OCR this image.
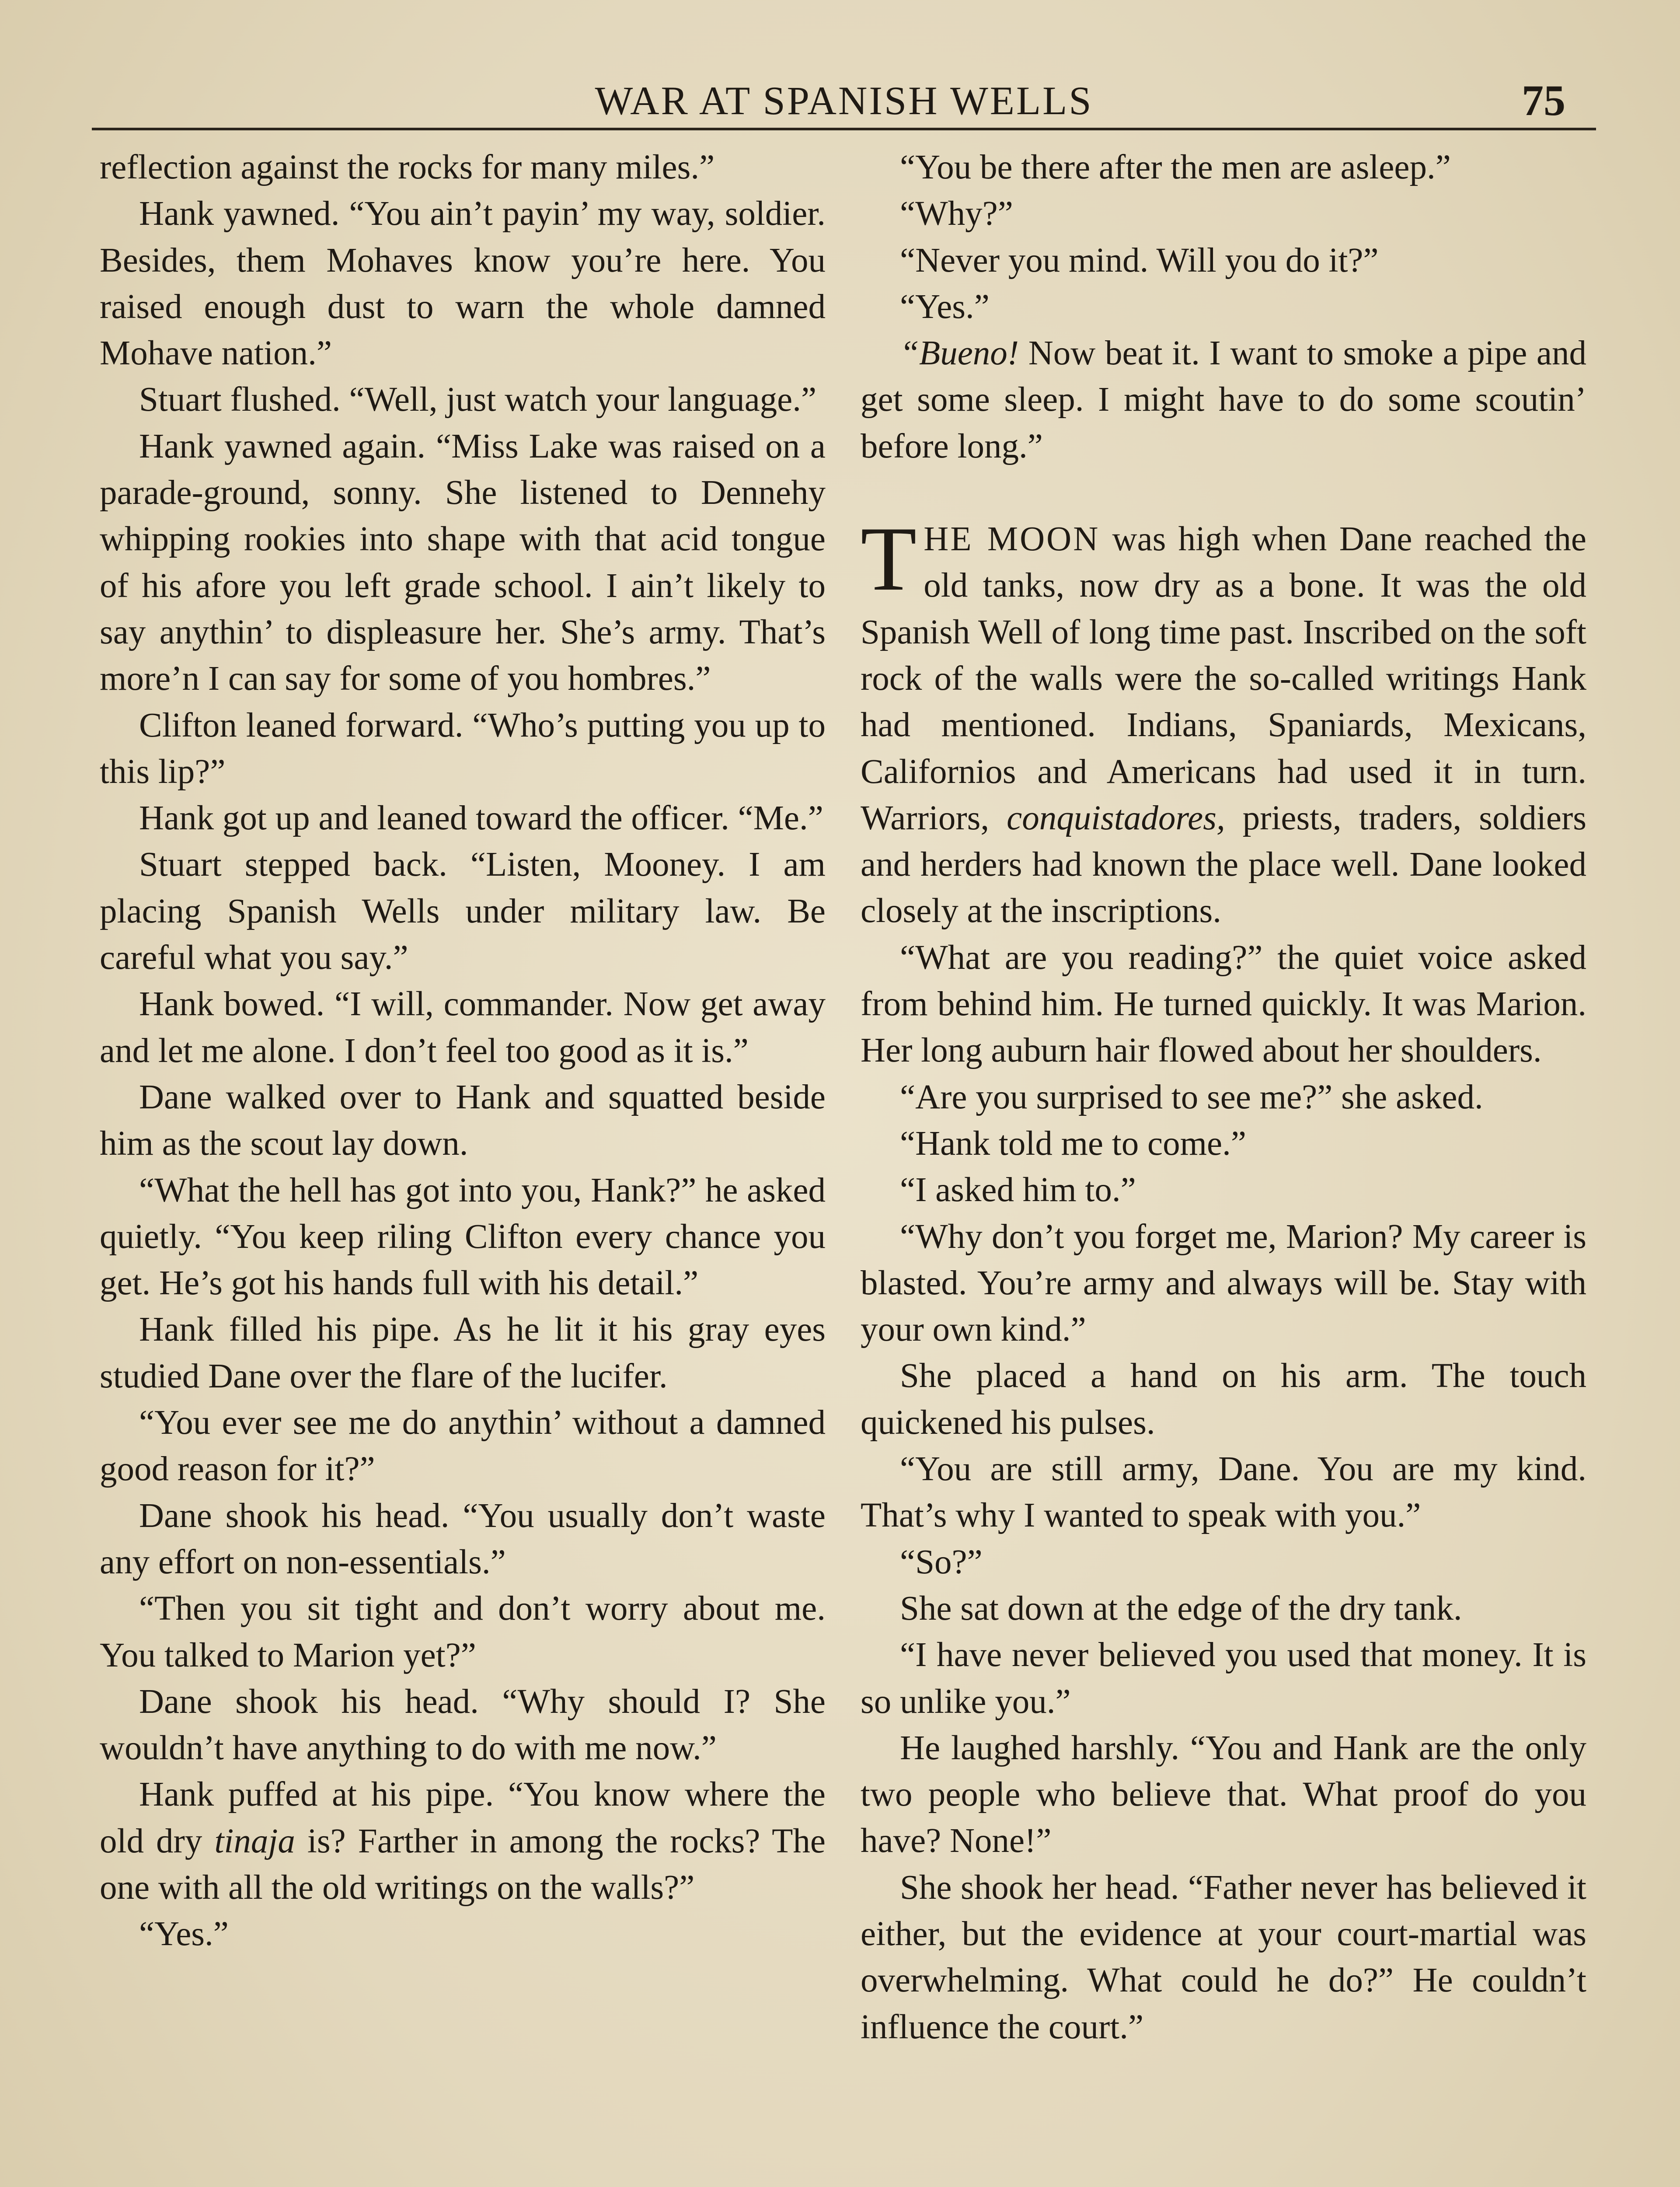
WAR AT SPANISH WELLS	75

reflection against the rocks for many miles.”

Hank yawned. “You ain’t payin’ my way, soldier. Besides, them Mohaves know you’re here. You raised enough dust to warn the whole damned Mohave nation.”

Stuart flushed. “Well, just watch your language.”

Hank yawned again. “Miss Lake was raised on a parade-ground, sonny. She listened to Dennehy whipping rookies into shape with that acid tongue of his afore you left grade school. I ain’t likely to say anythin’ to displeasure her. She’s army. That’s more’n I can say for some of you hombres.”

Clifton leaned forward. “Who’s putting you up to this lip?”

Hank got up and leaned toward the officer. “Me.”

Stuart stepped back. “Listen, Mooney. I am placing Spanish Wells under military law. Be careful what you say.”

Hank bowed. “I will, commander. Now get away and let me alone. I don’t feel too good as it is.”

Dane walked over to Hank and squatted beside him as the scout lay down.

“What the hell has got into you, Hank?” he asked quietly. “You keep riling Clifton every chance you get. He’s got his hands full with his detail.”

Hank filled his pipe. As he lit it his gray eyes studied Dane over the flare of the lucifer.

“You ever see me do anythin’ without a damned good reason for it?”

Dane shook his head. “You usually don’t waste any effort on non-essentials.”

“Then you sit tight and don’t worry about me. You talked to Marion yet?”

Dane shook his head. “Why should I? She wouldn’t have anything to do with me now.”

Hank puffed at his pipe. “You know where the old dry tinaja is? Farther in among the rocks? The one with all the old writings on the walls?”

“Yes.”

“You be there after the men are asleep.”

“Why?”

“Never you mind. Will you do it?”

“Yes.”

“Bueno! Now beat it. I want to smoke a pipe and get some sleep. I might have to do some scoutin’ before long.”

THE MOON was high when Dane reached the old tanks, now dry as a bone. It was the old Spanish Well of long time past. Inscribed on the soft rock of the walls were the so-called writings Hank had mentioned. Indians, Spaniards, Mexicans, Californios and Americans had used it in turn. Warriors, conquistadores, priests, traders, soldiers and herders had known the place well. Dane looked closely at the inscriptions.

“What are you reading?” the quiet voice asked from behind him. He turned quickly. It was Marion. Her long auburn hair flowed about her shoulders.

“Are you surprised to see me?” she asked.

“Hank told me to come.”

“I asked him to.”

“Why don’t you forget me, Marion? My career is blasted. You’re army and always will be. Stay with your own kind.”

She placed a hand on his arm. The touch quickened his pulses.

“You are still army, Dane. You are my kind. That’s why I wanted to speak with you.”

“So?”

She sat down at the edge of the dry tank.

“I have never believed you used that money. It is so unlike you.”

He laughed harshly. “You and Hank are the only two people who believe that. What proof do you have? None!”

She shook her head. “Father never has believed it either, but the evidence at your court-martial was overwhelming. What could he do?” He couldn’t influence the court.”
